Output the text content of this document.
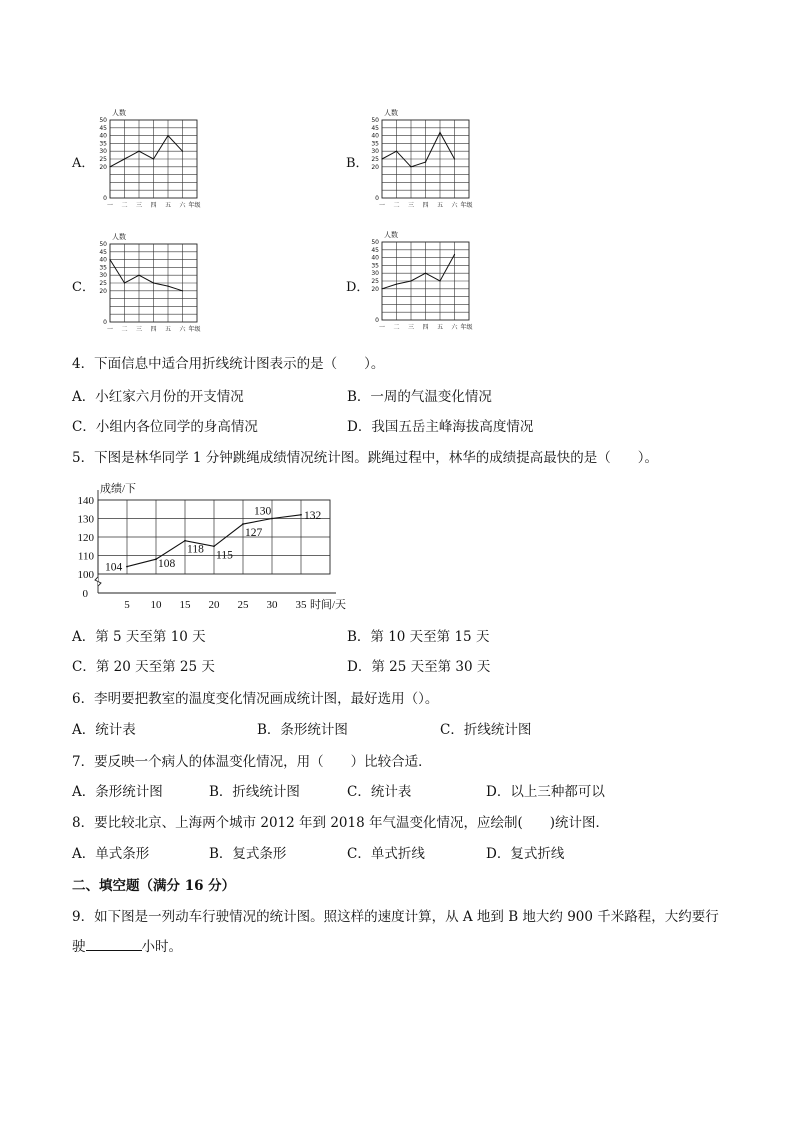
A．
0
20
25
30
35
40
45
50
人数
一 二 三 四 五 六 年级
B．
0
20
25
30
35
40
45
50
人数
一 二 三 四 五 六 年级
C．
0
20
25
30
35
40
45
50
人数
一 二 三 四 五 六 年级
D．
0
20
25
30
35
40
45
50
人数
一 二 三 四 五 六 年级
4．下面信息中适合用折线统计图表示的是（　　）。
A．小红家六月份的开支情况	B．一周的气温变化情况
C．小组内各位同学的身高情况	D．我国五岳主峰海拔高度情况
5．下图是林华同学 1 分钟跳绳成绩情况统计图。跳绳过程中，林华的成绩提高最快的是（　　）。
成绩/下
100
110
120
130
140
0
5 10 15 20 25 30 35 时间/天
104	108
118 115
127
130	132
A．第 5 天至第 10 天	B．第 10 天至第 15 天
C．第 20 天至第 25 天	D．第 25 天至第 30 天
6．李明要把教室的温度变化情况画成统计图，最好选用（）。
A．统计表	B．条形统计图	C．折线统计图
7．要反映一个病人的体温变化情况，用（　　）比较合适．
A．条形统计图	B．折线统计图	C．统计表	D．以上三种都可以
8．要比较北京、上海两个城市 2012 年到 2018 年气温变化情况，应绘制(　　)统计图．
A．单式条形	B．复式条形	C．单式折线	D．复式折线
二、填空题（满分 16 分）
9．如下图是一列动车行驶情况的统计图。照这样的速度计算，从 A 地到 B 地大约 900 千米路程，大约要行
驶	小时。
